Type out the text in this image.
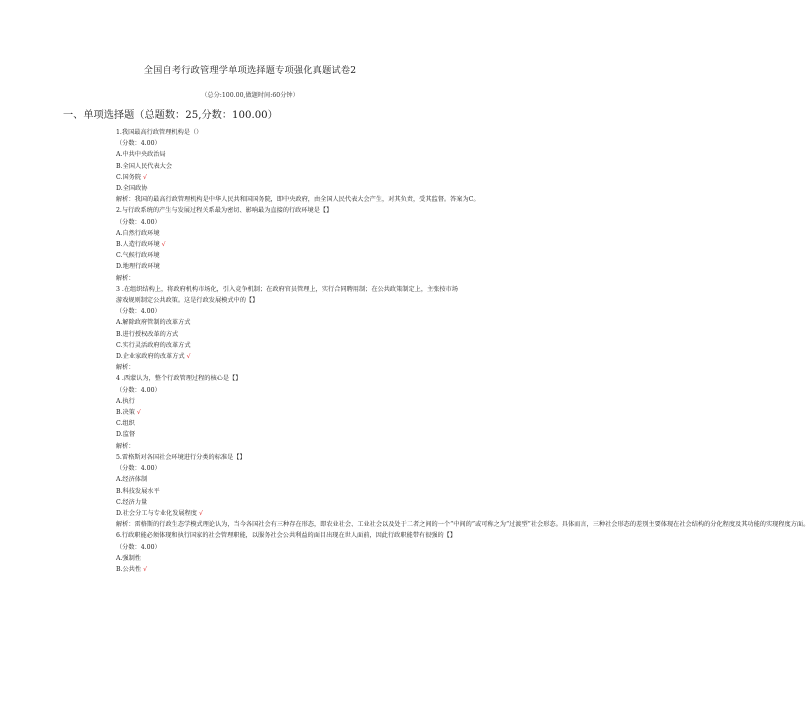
全国自考行政管理学单项选择题专项强化真题试卷2
（总分:100.00,做题时间:60分钟）
一、单项选择题（总题数：25,分数：100.00）

1.我国最高行政管理机构是（）

（分数：4.00）

A.中共中央政治局

B.全国人民代表大会

C.国务院 √

D.全国政协

解析：我国的最高行政管理机构是中华人民共和国国务院，即中央政府，由全国人民代表大会产生，对其负责，受其监督。答案为C。

2.与行政系统的产生与发展过程关系最为密切、影响最为直接的行政环境是【】

（分数：4.00）

A.自然行政环境

B.人造行政环境 √

C.气候行政环境

D.地理行政环境

解析：

3 .在组织结构上，将政府机构市场化，引入竞争机制；在政府官员管理上，实行合同聘用制；在公共政策制定上，主张按市场游戏规则制定公共政策。这是行政发展模式中的【】

（分数：4.00）

A.解除政府管制的改革方式

B.进行授权改革的方式

C.实行灵活政府的改革方式

D.企业家政府的改革方式 √

解析：

4 .西蒙认为，整个行政管理过程的核心是【】

（分数：4.00）

A.执行

B.决策 √

C.组织

D.监督

解析：

5.雷格斯对各国社会环境进行分类的标准是【】

（分数：4.00）

A.经济体制

B.科技发展水平

C.经济力量

D.社会分工与专业化发展程度 √

解析：雷格斯的行政生态学模式理论认为，当今各国社会有三种存在形态，即农业社会、工业社会以及处于二者之间的一个“中间的”或可称之为“过渡型”社会形态。具体而言，三种社会形态的差别主要体现在社会结构的分化程度及其功能的实现程度方面。

6.行政职能必须体现和执行国家的社会管理职能，以服务社会公共利益的面目出现在世人面前，因此行政职能带有很强的【】

（分数：4.00）

A.强制性

B.公共性 √
